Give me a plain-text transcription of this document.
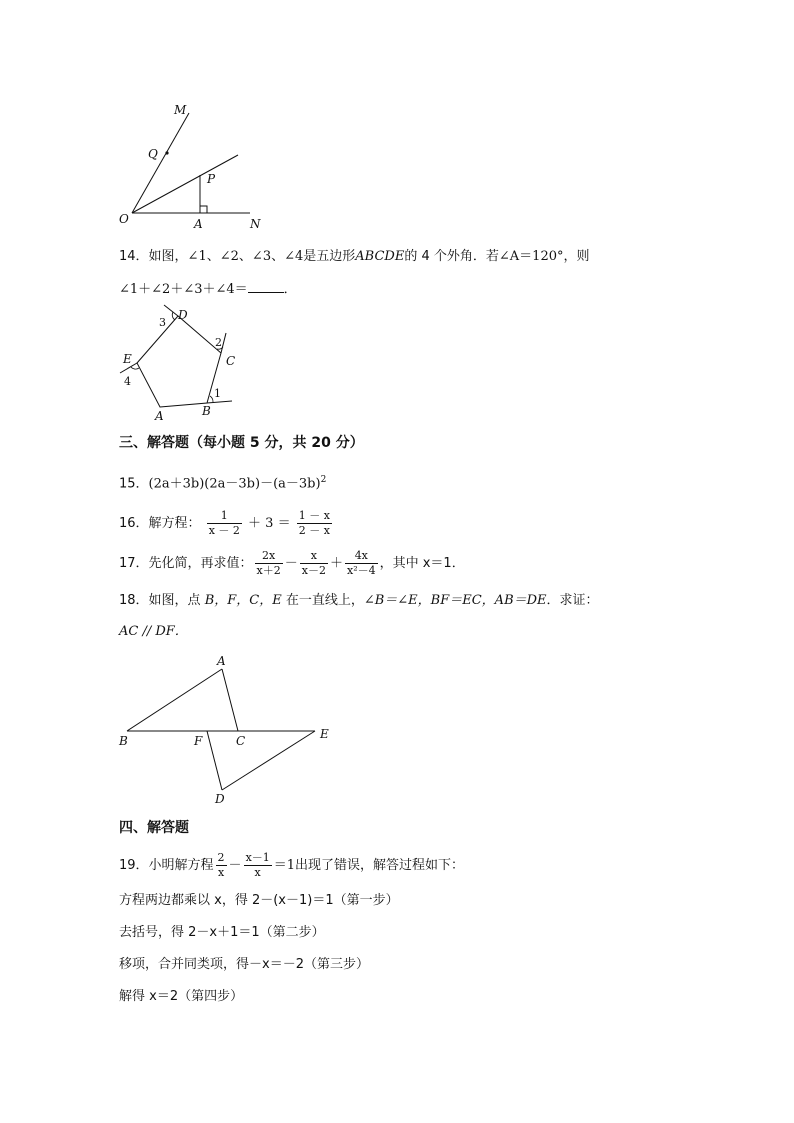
M
Q
P
O	A	N
14．如图，∠1、∠2、∠3、∠4是五边形ABCDE的 4 个外角．若∠A＝120°，则
∠1＋∠2＋∠3＋∠4＝	．
D
C
E
A	B
1
2
3
4
三、解答题（每小题 5 分，共 20 分）
15．$(2a+3b)(2a-3b)-(a-3b)^2$
16．解方程： $\frac{1}{x - 2} + 3 = \frac{1 - x}{2 - x}$
17．先化简，再求值： $\frac{2x}{x+2} - \frac{x}{x-2} + \frac{4x}{\text{x²－4}}$ ，其中 x＝1．
18．如图，点 B，F，C，E 在一直线上，∠B＝∠E，BF＝EC，AB＝DE．求证：
AC // DF．
A
B	F	C	E
D
四、解答题
19．小明解方程 $\frac{2}{x} - \frac{x-1}{x} =1$出现了错误，解答过程如下：
方程两边都乘以 x，得 2－(x－1)＝1（第一步）
去括号，得 2－x＋1＝1（第二步）
移项，合并同类项，得－x＝－2（第三步）
解得 x＝2（第四步）
